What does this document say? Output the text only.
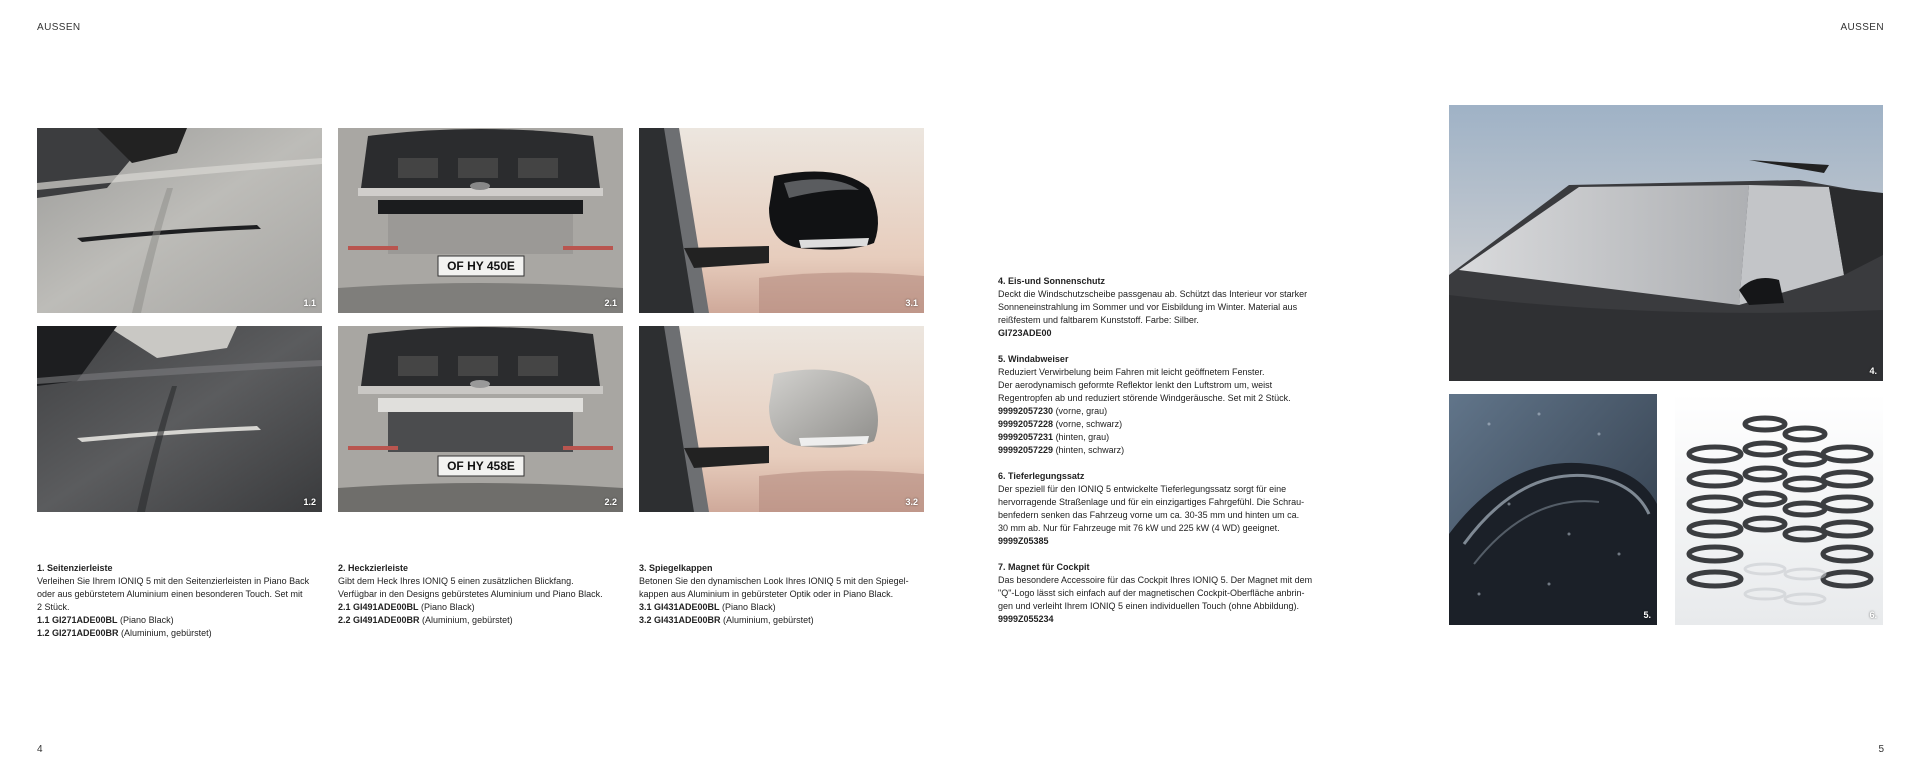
AUSSEN	AUSSEN
4	5
1.1
1.2
OF HY 450E
2.1
OF HY 458E
2.2
3.1
3.2
4.
5.	6.
1. Seitenzierleiste
Verleihen Sie Ihrem IONIQ 5 mit den Seitenzierleisten in Piano Back
oder aus gebürstetem Aluminium einen besonderen Touch. Set mit
2 Stück.
1.1 GI271ADE00BL (Piano Black)
1.2 GI271ADE00BR (Aluminium, gebürstet)
2. Heckzierleiste
Gibt dem Heck Ihres IONIQ 5 einen zusätzlichen Blickfang.
Verfügbar in den Designs gebürstetes Aluminium und Piano Black.
2.1 GI491ADE00BL (Piano Black)
2.2 GI491ADE00BR (Aluminium, gebürstet)
3. Spiegelkappen
Betonen Sie den dynamischen Look Ihres IONIQ 5 mit den Spiegel-
kappen aus Aluminium in gebürsteter Optik oder in Piano Black.
3.1 GI431ADE00BL (Piano Black)
3.2 GI431ADE00BR (Aluminium, gebürstet)
4. Eis-und Sonnenschutz
Deckt die Windschutzscheibe passgenau ab. Schützt das Interieur vor starker
Sonneneinstrahlung im Sommer und vor Eisbildung im Winter. Material aus
reißfestem und faltbarem Kunststoff. Farbe: Silber.
GI723ADE00
5. Windabweiser
Reduziert Verwirbelung beim Fahren mit leicht geöffnetem Fenster.
Der aerodynamisch geformte Reflektor lenkt den Luftstrom um, weist
Regentropfen ab und reduziert störende Windgeräusche. Set mit 2 Stück.
99992057230 (vorne, grau)
99992057228 (vorne, schwarz)
99992057231 (hinten, grau)
99992057229 (hinten, schwarz)
6. Tieferlegungssatz
Der speziell für den IONIQ 5 entwickelte Tieferlegungssatz sorgt für eine
hervorragende Straßenlage und für ein einzigartiges Fahrgefühl. Die Schrau-
benfedern senken das Fahrzeug vorne um ca. 30-35 mm und hinten um ca.
30 mm ab. Nur für Fahrzeuge mit 76 kW und 225 kW (4 WD) geeignet.
9999Z05385
7. Magnet für Cockpit
Das besondere Accessoire für das Cockpit Ihres IONIQ 5. Der Magnet mit dem
"Q"-Logo lässt sich einfach auf der magnetischen Cockpit-Oberfläche anbrin-
gen und verleiht Ihrem IONIQ 5 einen individuellen Touch (ohne Abbildung).
9999Z055234
